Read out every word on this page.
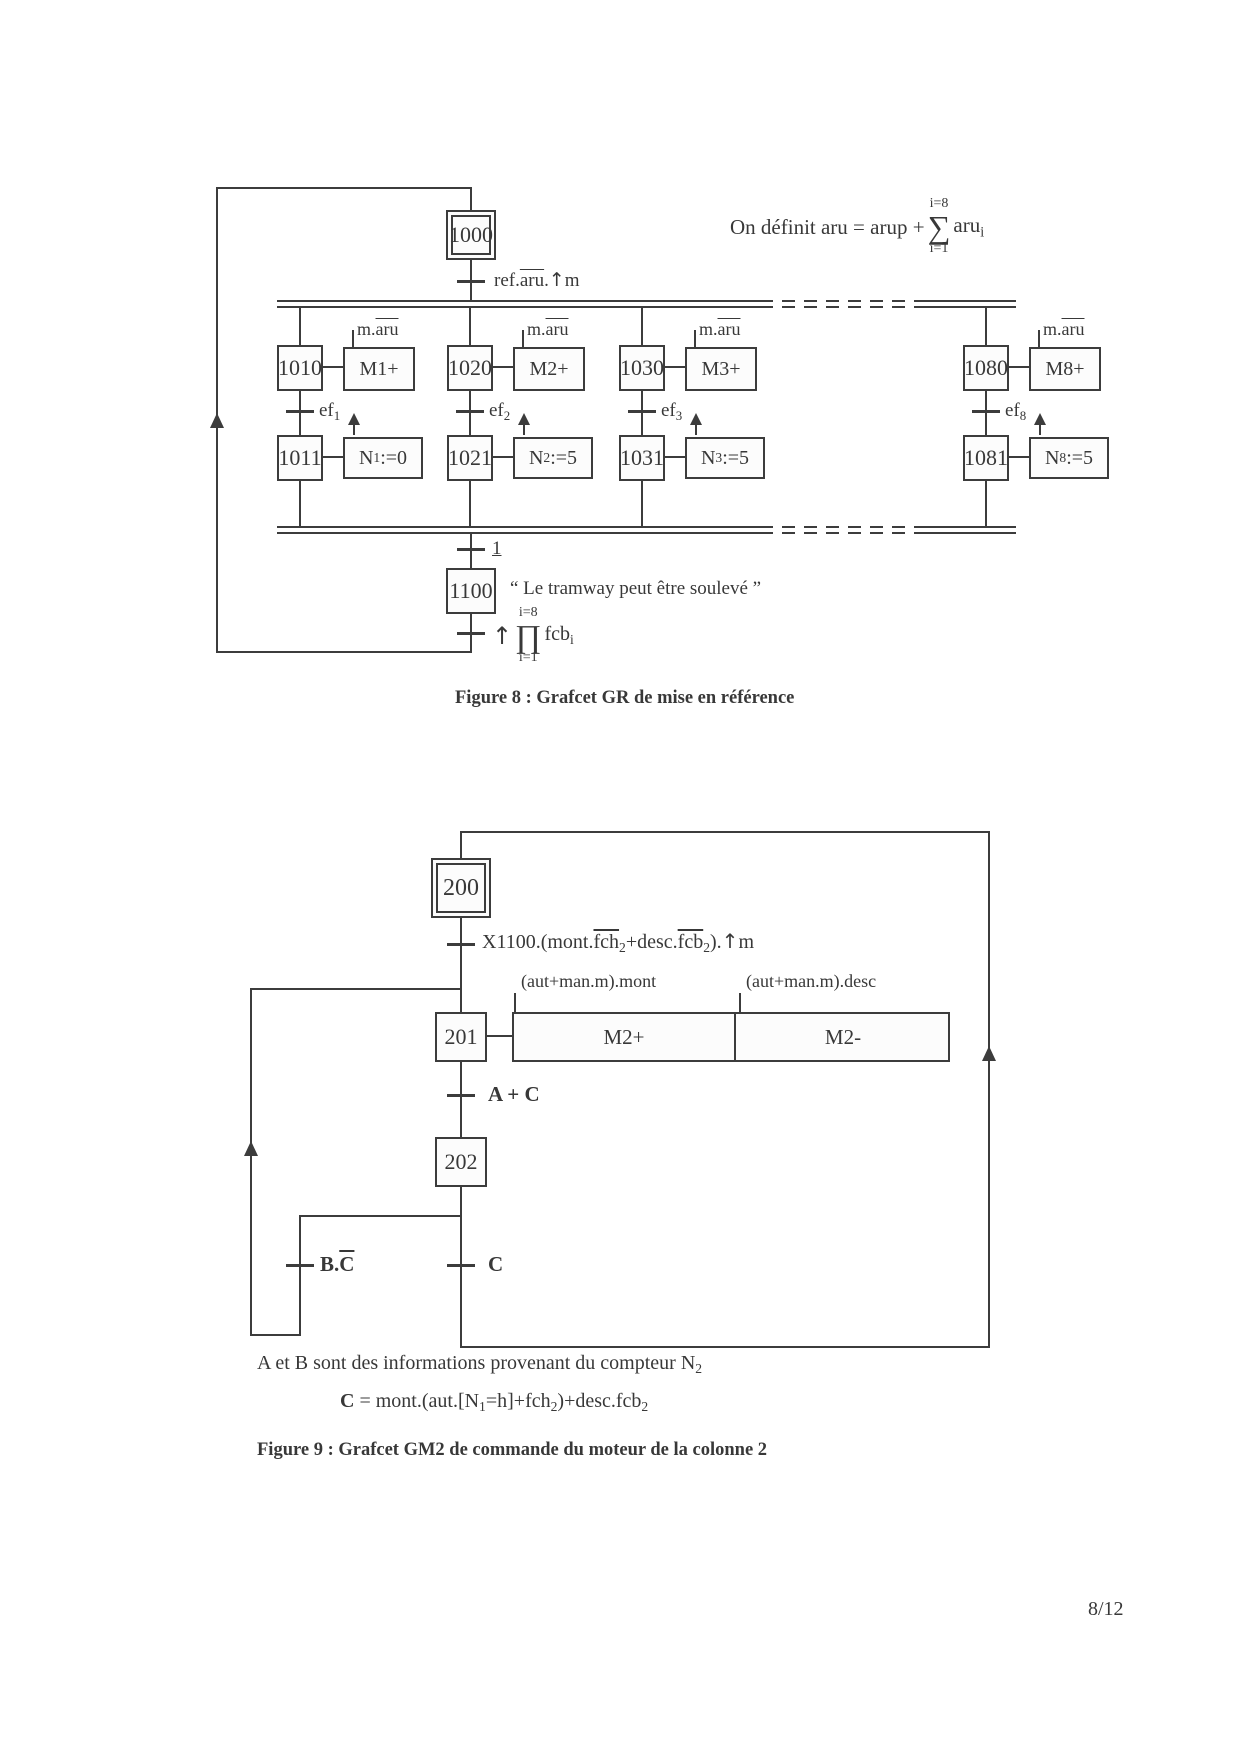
On définit aru = arup +
i=8
∑
i=1
aru$_i$
1000
$ref.\overline{aru}.↑m$
1010 M1+
$m.\overline{aru}$
$ef_1$
1011 N 1 :=0
1020 M2+
$m.\overline{aru}$
$ef_2$
1021 N 2 :=5
1030 M3+
$m.\overline{aru}$
$ef_3$
1031 N 3 :=5
1080 M8+
$m.\overline{aru}$
$ef_8$
1081 N 8 :=5
1
1100 “ Le tramway peut être soulevé ”
↑
i=8
∏
i=1
fcb$_i$
Figure 8 : Grafcet GR de mise en référence
200
$X1100.(mont.\overline{fch}_2+desc.\overline{fcb}_2).↑m$
201	M2+	M2-
(aut+man.m).mont	(aut+man.m).desc
A + C
202
$B.\overline{C}$	C
A et B sont des informations provenant du compteur $N_2$
$C = mont.(aut.[N_1=h]+fch_2)+desc.fcb_2$
Figure 9 : Grafcet GM2 de commande du moteur de la colonne 2
8/12
